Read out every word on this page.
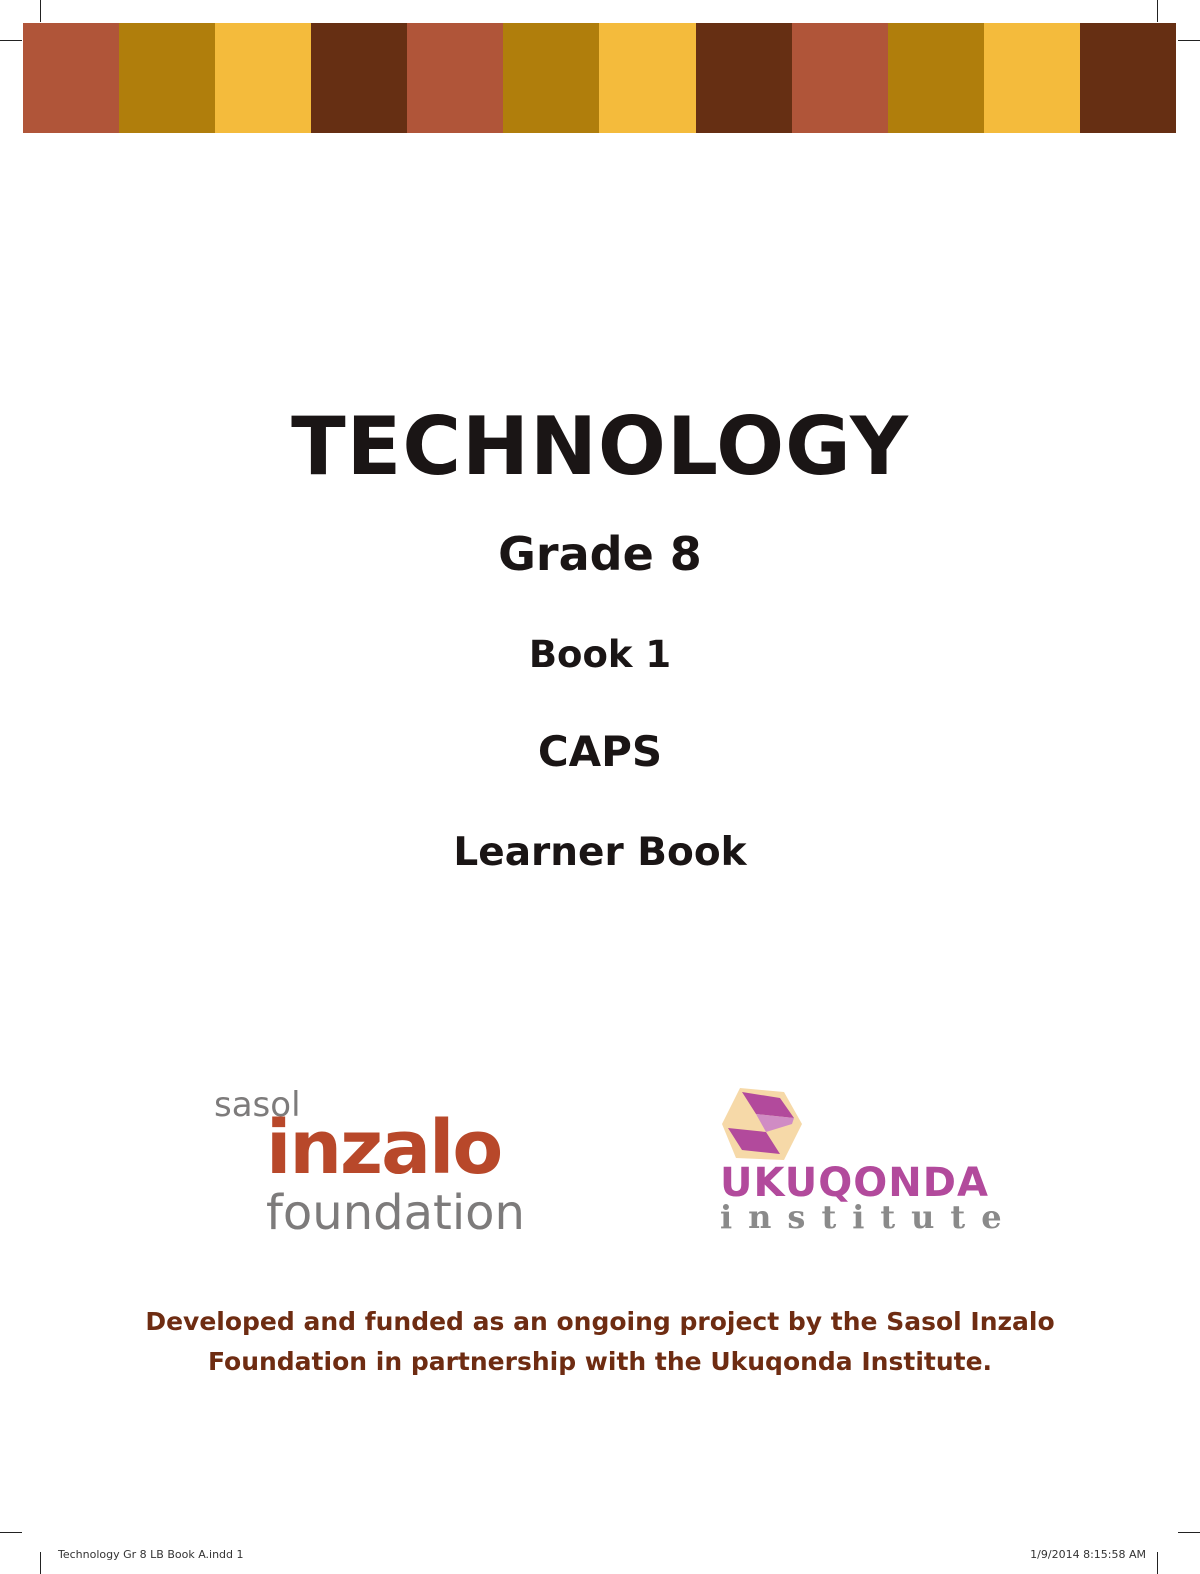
TECHNOLOGY
Grade 8
Book 1
CAPS
Learner Book
sasol
inzalo
foundation
UKUQONDA
institute

Developed and funded as an ongoing project by the Sasol Inzalo
Foundation in partnership with the Ukuqonda Institute.

Technology Gr 8 LB Book A.indd 1	1/9/2014 8:15:58 AM
